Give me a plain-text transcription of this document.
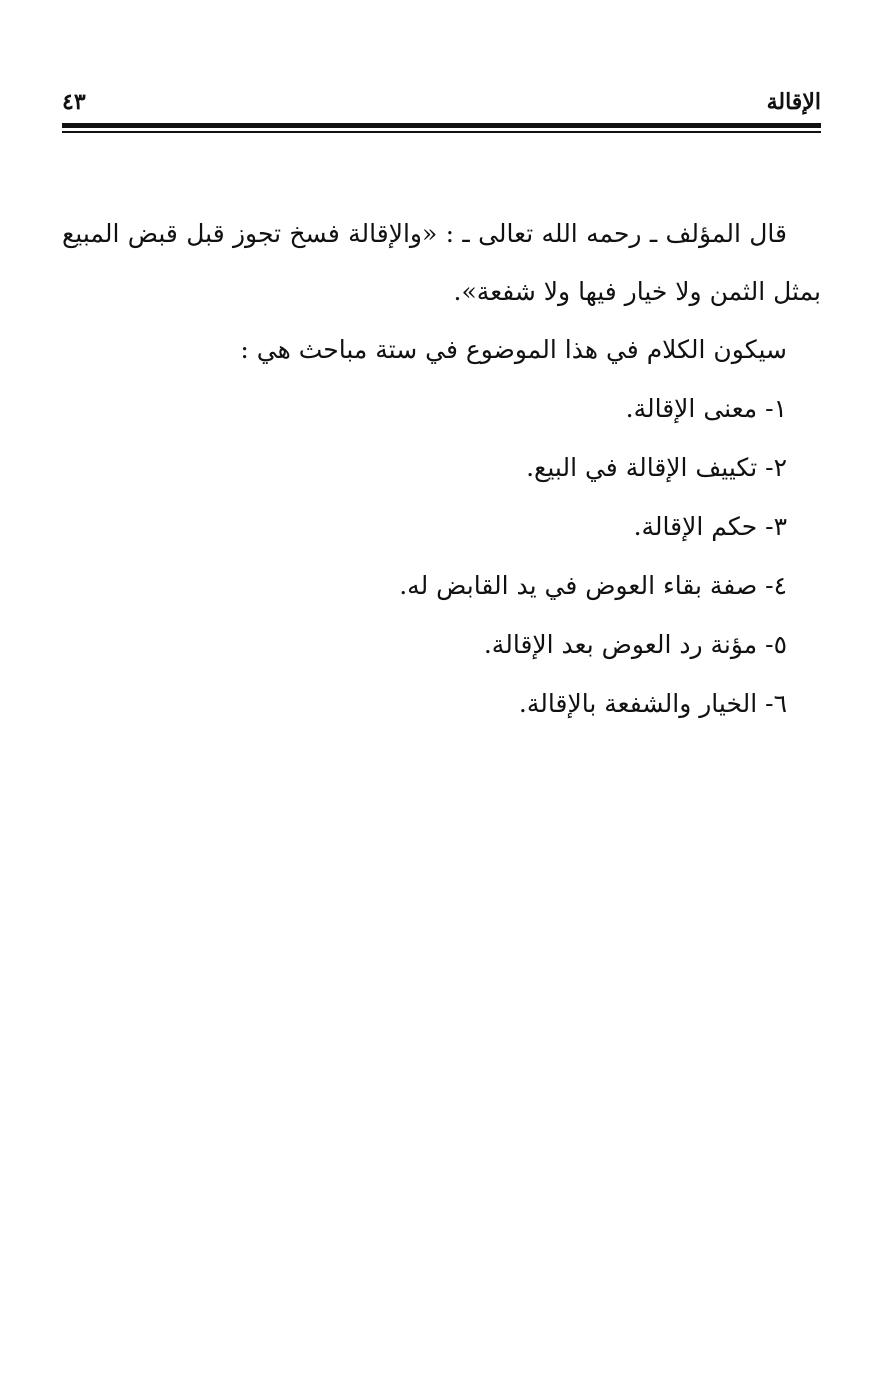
الإقالة
٤٣

قال المؤلف ـ رحمه الله تعالى ـ : «والإقالة فسخ تجوز قبل قبض المبيع بمثل الثمن ولا خيار فيها ولا شفعة».

سيكون الكلام في هذا الموضوع في ستة مباحث هي :

١- معنى الإقالة.
٢- تكييف الإقالة في البيع.
٣- حكم الإقالة.
٤- صفة بقاء العوض في يد القابض له.
٥- مؤنة رد العوض بعد الإقالة.
٦- الخيار والشفعة بالإقالة.
